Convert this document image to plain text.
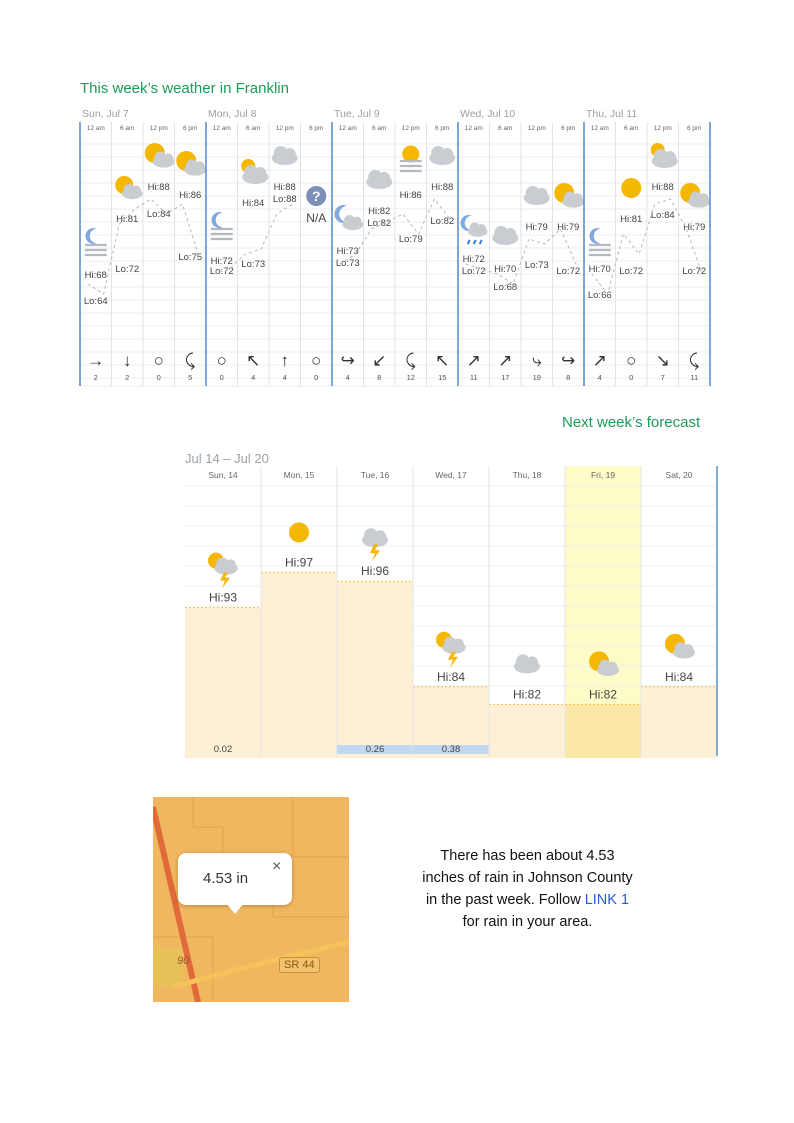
This week’s weather in Franklin
Sun, Jul 7
12 am
→
2
6 am
↓
2
12 pm
○
0
6 pm
⤹
5
Hi:68
Lo:64
Hi:81
Lo:72
Hi:88
Lo:84
Hi:86
Lo:75
Mon, Jul 8
12 am
○
0
6 am
↖
4
12 pm
↑
4
6 pm
?
○
0
Hi:72
Lo:72
Hi:84
Lo:73
Hi:88
Lo:88
N/A
Tue, Jul 9
12 am
↪
4
6 am
↙
8
12 pm
⤹
12
6 pm
↖
15
Hi:73
Lo:73
Hi:82
Lo:82
Hi:86
Lo:79
Hi:88
Lo:82
Wed, Jul 10
12 am
↗
11
6 am
↗
17
12 pm
⤷
19
6 pm
↪
8
Hi:72
Lo:72 Hi:70
Lo:68
Hi:79
Lo:73
Hi:79
Lo:72
Thu, Jul 11
12 am
↗
4
6 am
○
0
12 pm
↘
7
6 pm
⤹
11
Hi:70
Lo:66
Hi:81
Lo:72
Hi:88
Lo:84
Hi:79
Lo:72
Next week’s forecast
Jul 14 – Jul 20
Sun, 14
Hi:93
0.02
Mon, 15
Hi:97
Tue, 16
Hi:96
0.26
Wed, 17
Hi:84
0.38
Thu, 18
Hi:82
Fri, 19
Hi:82
Sat, 20
Hi:84
90	SR 44
4.53 in
×
There has been about 4.53 inches of rain in Johnson County in the past week. Follow LINK 1 for rain in your area.
